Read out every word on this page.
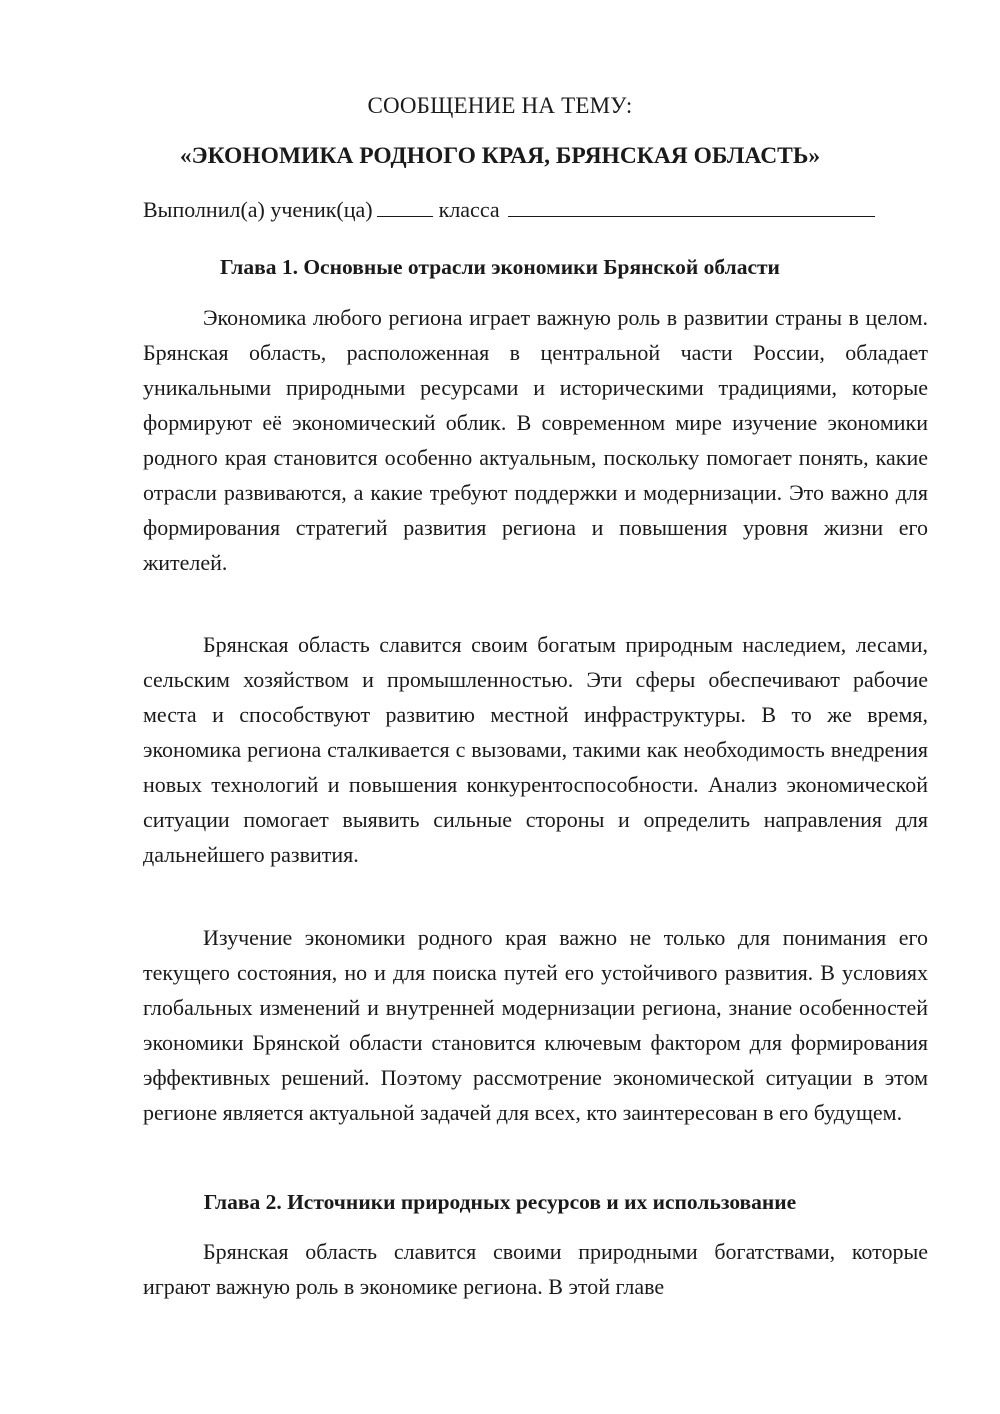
СООБЩЕНИЕ НА ТЕМУ:
«ЭКОНОМИКА РОДНОГО КРАЯ, БРЯНСКАЯ ОБЛАСТЬ»
Выполнил(а) ученик(ца)	класса
Глава 1. Основные отрасли экономики Брянской области

Экономика любого региона играет важную роль в развитии страны в целом. Брянская область, расположенная в центральной части России, обладает уникальными природными ресурсами и историческими традициями, которые формируют её экономический облик. В современном мире изучение экономики родного края становится особенно актуальным, поскольку помогает понять, какие отрасли развиваются, а какие требуют поддержки и модернизации. Это важно для формирования стратегий развития региона и повышения уровня жизни его жителей.

Брянская область славится своим богатым природным наследием, лесами, сельским хозяйством и промышленностью. Эти сферы обеспечивают рабочие места и способствуют развитию местной инфраструктуры. В то же время, экономика региона сталкивается с вызовами, такими как необходимость внедрения новых технологий и повышения конкурентоспособности. Анализ экономической ситуации помогает выявить сильные стороны и определить направления для дальнейшего развития.

Изучение экономики родного края важно не только для понимания его текущего состояния, но и для поиска путей его устойчивого развития. В условиях глобальных изменений и внутренней модернизации региона, знание особенностей экономики Брянской области становится ключевым фактором для формирования эффективных решений. Поэтому рассмотрение экономической ситуации в этом регионе является актуальной задачей для всех, кто заинтересован в его будущем.

Глава 2. Источники природных ресурсов и их использование

Брянская область славится своими природными богатствами, которые играют важную роль в экономике региона. В этой главе
